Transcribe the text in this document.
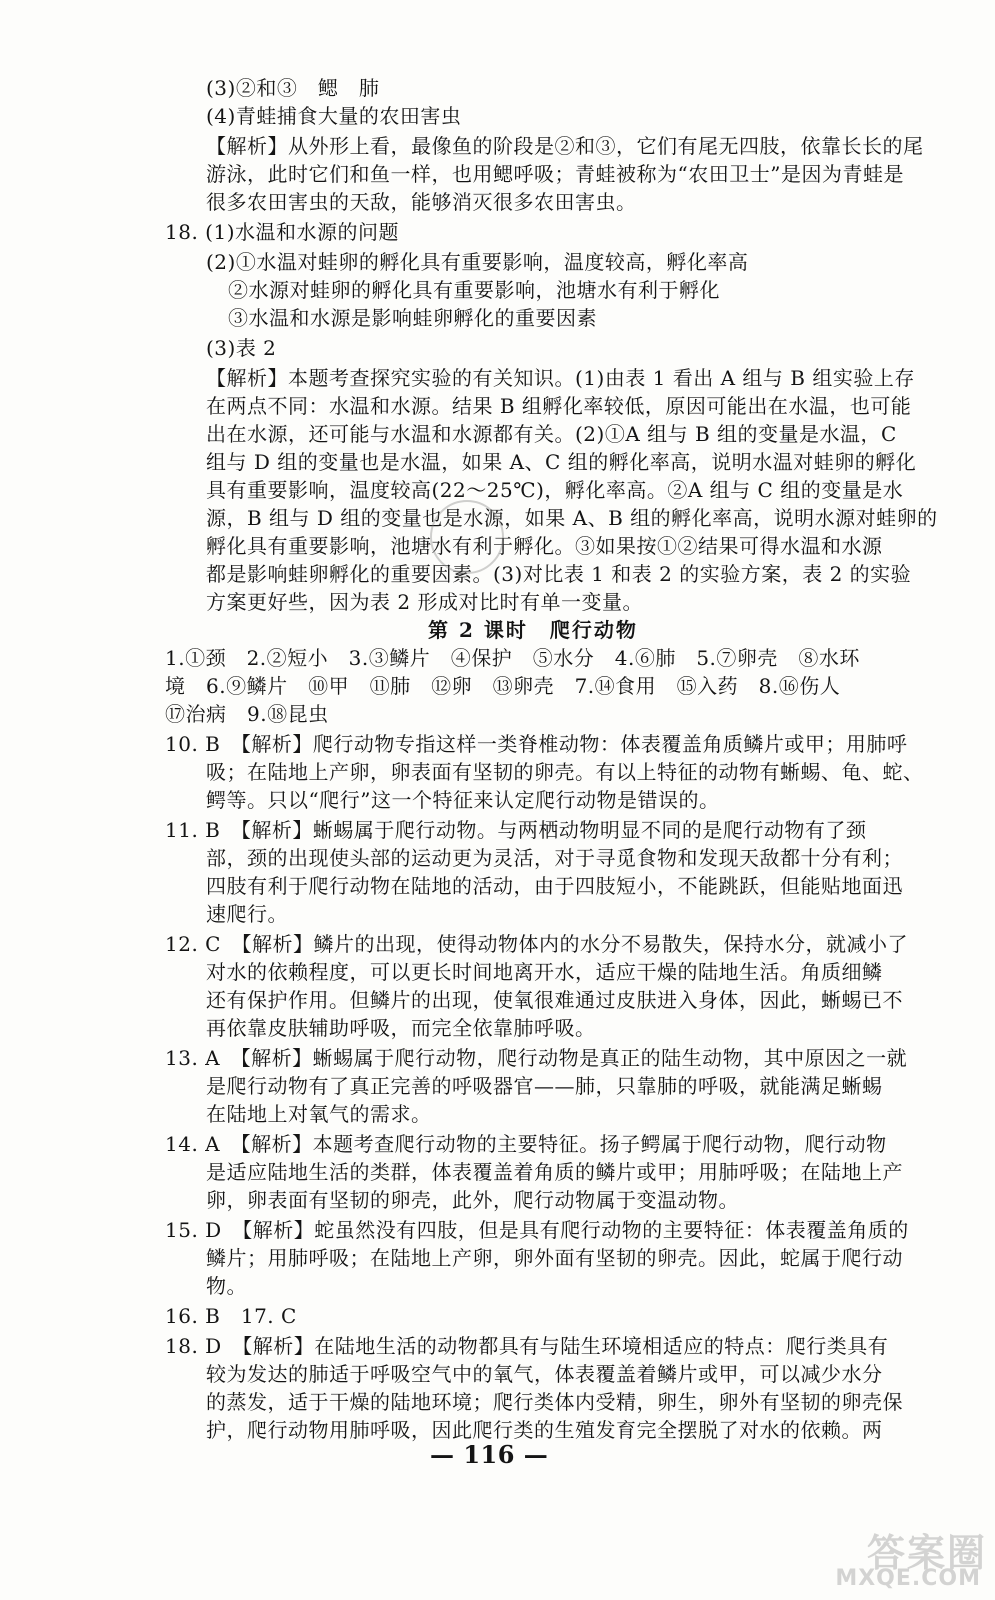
(3)②和③　鳃　肺
(4)青蛙捕食大量的农田害虫
【解析】从外形上看，最像鱼的阶段是②和③，它们有尾无四肢，依靠长长的尾
游泳，此时它们和鱼一样，也用鳃呼吸；青蛙被称为“农田卫士”是因为青蛙是
很多农田害虫的天敌，能够消灭很多农田害虫。
18. (1)水温和水源的问题
(2)①水温对蛙卵的孵化具有重要影响，温度较高，孵化率高
②水源对蛙卵的孵化具有重要影响，池塘水有利于孵化
③水温和水源是影响蛙卵孵化的重要因素
(3)表 2
【解析】本题考查探究实验的有关知识。(1)由表 1 看出 A 组与 B 组实验上存
在两点不同：水温和水源。结果 B 组孵化率较低，原因可能出在水温，也可能
出在水源，还可能与水温和水源都有关。(2)①A 组与 B 组的变量是水温，C
组与 D 组的变量也是水温，如果 A、C 组的孵化率高，说明水温对蛙卵的孵化
具有重要影响，温度较高(22～25℃)，孵化率高。②A 组与 C 组的变量是水
源，B 组与 D 组的变量也是水源，如果 A、B 组的孵化率高，说明水源对蛙卵的
孵化具有重要影响，池塘水有利于孵化。③如果按①②结果可得水温和水源
都是影响蛙卵孵化的重要因素。(3)对比表 1 和表 2 的实验方案，表 2 的实验
方案更好些，因为表 2 形成对比时有单一变量。
第 2 课时　爬行动物
1.①颈　2.②短小　3.③鳞片　④保护　⑤水分　4.⑥肺　5.⑦卵壳　⑧水环
境　6.⑨鳞片　⑩甲　⑪肺　⑫卵　⑬卵壳　7.⑭食用　⑮入药　8.⑯伤人
⑰治病　9.⑱昆虫
10. B　【解析】爬行动物专指这样一类脊椎动物：体表覆盖角质鳞片或甲；用肺呼
吸；在陆地上产卵，卵表面有坚韧的卵壳。有以上特征的动物有蜥蜴、龟、蛇、
鳄等。只以“爬行”这一个特征来认定爬行动物是错误的。
11. B　【解析】蜥蜴属于爬行动物。与两栖动物明显不同的是爬行动物有了颈
部，颈的出现使头部的运动更为灵活，对于寻觅食物和发现天敌都十分有利；
四肢有利于爬行动物在陆地的活动，由于四肢短小，不能跳跃，但能贴地面迅
速爬行。
12. C　【解析】鳞片的出现，使得动物体内的水分不易散失，保持水分，就减小了
对水的依赖程度，可以更长时间地离开水，适应干燥的陆地生活。角质细鳞
还有保护作用。但鳞片的出现，使氧很难通过皮肤进入身体，因此，蜥蜴已不
再依靠皮肤辅助呼吸，而完全依靠肺呼吸。
13. A　【解析】蜥蜴属于爬行动物，爬行动物是真正的陆生动物，其中原因之一就
是爬行动物有了真正完善的呼吸器官——肺，只靠肺的呼吸，就能满足蜥蜴
在陆地上对氧气的需求。
14. A　【解析】本题考查爬行动物的主要特征。扬子鳄属于爬行动物，爬行动物
是适应陆地生活的类群，体表覆盖着角质的鳞片或甲；用肺呼吸；在陆地上产
卵，卵表面有坚韧的卵壳，此外，爬行动物属于变温动物。
15. D　【解析】蛇虽然没有四肢，但是具有爬行动物的主要特征：体表覆盖角质的
鳞片；用肺呼吸；在陆地上产卵，卵外面有坚韧的卵壳。因此，蛇属于爬行动
物。
16. B　17. C
18. D　【解析】在陆地生活的动物都具有与陆生环境相适应的特点：爬行类具有
较为发达的肺适于呼吸空气中的氧气，体表覆盖着鳞片或甲，可以减少水分
的蒸发，适于干燥的陆地环境；爬行类体内受精，卵生，卵外有坚韧的卵壳保
护，爬行动物用肺呼吸，因此爬行类的生殖发育完全摆脱了对水的依赖。两
— 116 —
答案圈
MXQE.COM
